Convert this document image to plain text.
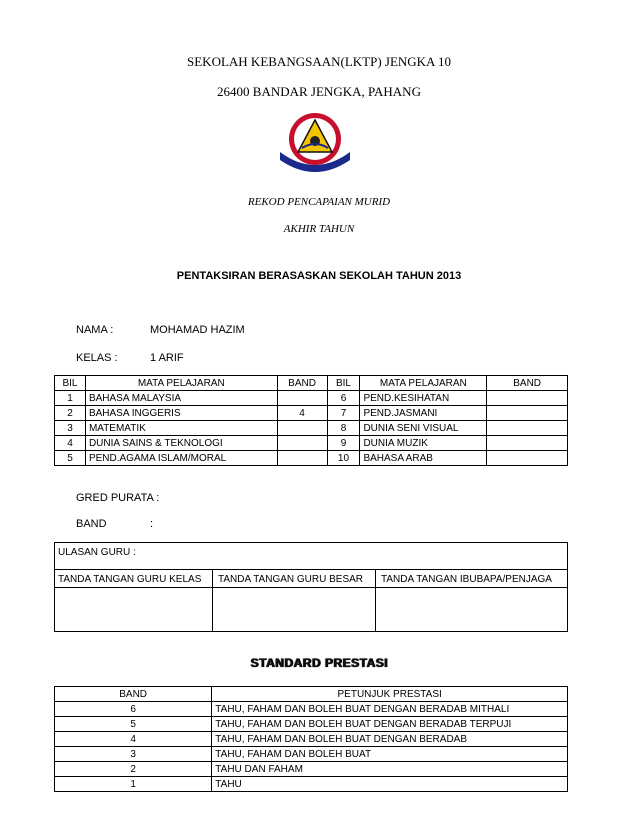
SEKOLAH KEBANGSAAN(LKTP) JENGKA 10
26400 BANDAR JENGKA, PAHANG
REKOD PENCAPAIAN MURID
AKHIR TAHUN
PENTAKSIRAN BERASASKAN SEKOLAH TAHUN 2013
NAMA :	MOHAMAD HAZIM
KELAS :	1 ARIF
BIL	MATA PELAJARAN	BAND	BIL	MATA PELAJARAN	BAND
1	BAHASA MALAYSIA		6	PEND.KESIHATAN	
2	BAHASA INGGERIS	4	7	PEND.JASMANI	
3	MATEMATIK		8	DUNIA SENI VISUAL	
4	DUNIA SAINS & TEKNOLOGI		9	DUNIA MUZIK	
5	PEND.AGAMA ISLAM/MORAL		10	BAHASA ARAB	
GRED PURATA :
BAND	:
ULASAN GURU :
TANDA TANGAN GURU KELAS TANDA TANGAN GURU BESAR TANDA TANGAN IBUBAPA/PENJAGA
STANDARD PRESTASI
BAND	PETUNJUK PRESTASI
6	TAHU, FAHAM DAN BOLEH BUAT DENGAN BERADAB MITHALI
5	TAHU, FAHAM DAN BOLEH BUAT DENGAN BERADAB TERPUJI
4	TAHU, FAHAM DAN BOLEH BUAT DENGAN BERADAB
3	TAHU, FAHAM DAN BOLEH BUAT
2	TAHU DAN FAHAM
1	TAHU
